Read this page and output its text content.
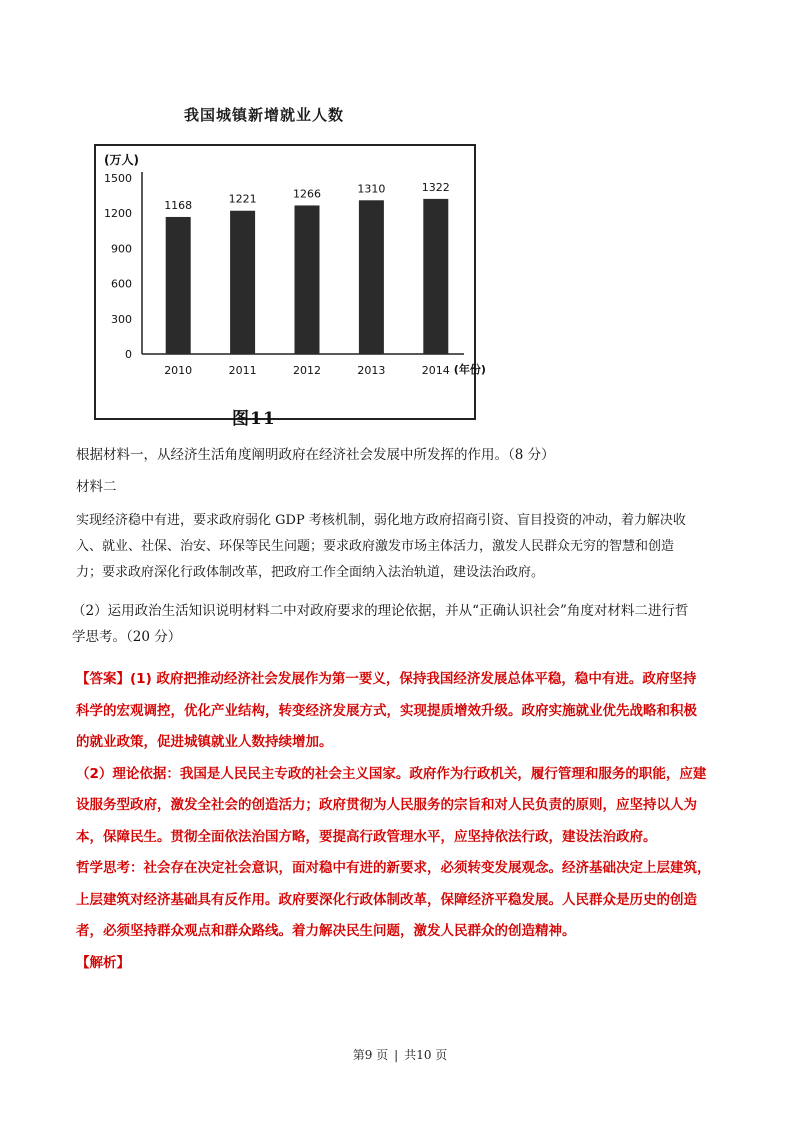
我国城镇新增就业人数
(万人)
0
300
600
900
1200
1500
1168
2010
1221
2011
1266
2012
1310
2013
1322
2014 (年份)
图11
根据材料一，从经济生活角度阐明政府在经济社会发展中所发挥的作用。（8 分）
材料二
实现经济稳中有进，要求政府弱化 GDP 考核机制，弱化地方政府招商引资、盲目投资的冲动，着力解决收
入、就业、社保、治安、环保等民生问题；要求政府激发市场主体活力，激发人民群众无穷的智慧和创造
力；要求政府深化行政体制改革，把政府工作全面纳入法治轨道，建设法治政府。
（2）运用政治生活知识说明材料二中对政府要求的理论依据，并从“正确认识社会”角度对材料二进行哲
学思考。（20 分）

【答案】(1) 政府把推动经济社会发展作为第一要义，保持我国经济发展总体平稳，稳中有进。政府坚持

科学的宏观调控，优化产业结构，转变经济发展方式，实现提质增效升级。政府实施就业优先战略和积极

的就业政策，促进城镇就业人数持续增加。

（2）理论依据：我国是人民民主专政的社会主义国家。政府作为行政机关，履行管理和服务的职能，应建

设服务型政府，激发全社会的创造活力；政府贯彻为人民服务的宗旨和对人民负责的原则，应坚持以人为

本，保障民生。贯彻全面依法治国方略，要提高行政管理水平，应坚持依法行政，建设法治政府。

哲学思考：社会存在决定社会意识，面对稳中有进的新要求，必须转变发展观念。经济基础决定上层建筑，

上层建筑对经济基础具有反作用。政府要深化行政体制改革，保障经济平稳发展。人民群众是历史的创造

者，必须坚持群众观点和群众路线。着力解决民生问题，激发人民群众的创造精神。

【解析】

第9 页 | 共10 页
